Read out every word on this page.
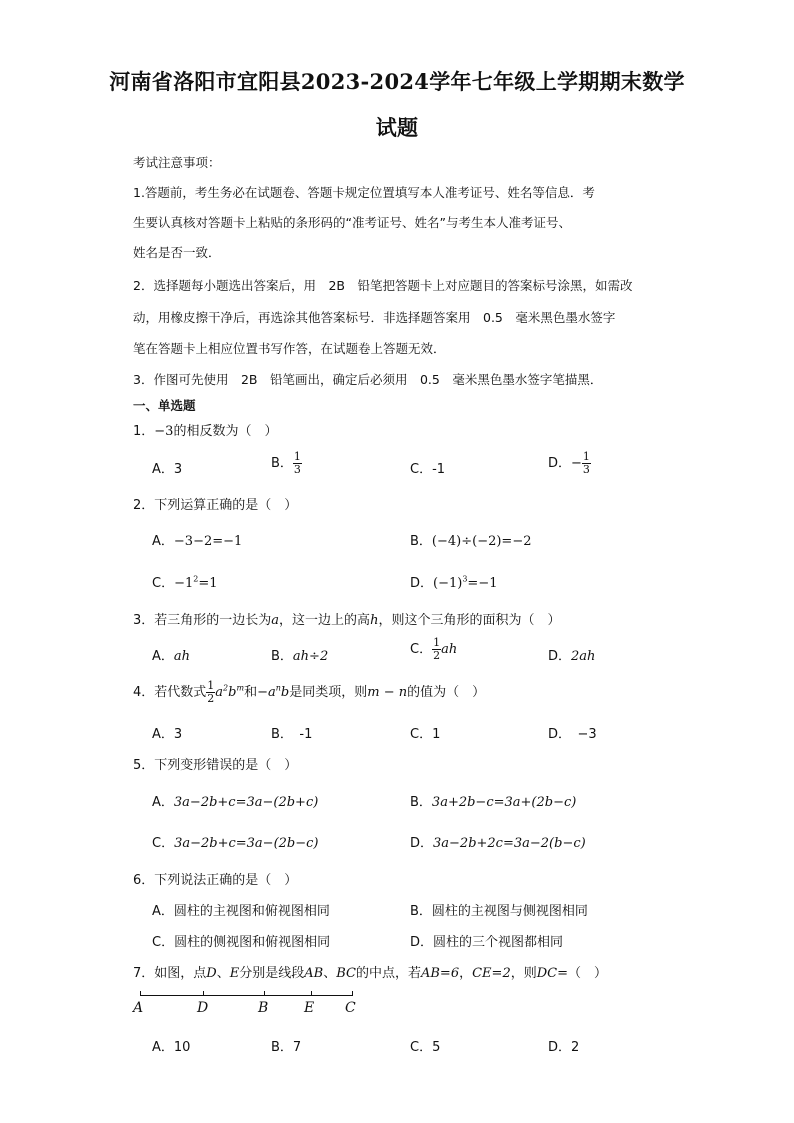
河南省洛阳市宜阳县2023-2024学年七年级上学期期末数学
试题
考试注意事项：
1.答题前，考生务必在试题卷、答题卡规定位置填写本人准考证号、姓名等信息．考
生要认真核对答题卡上粘贴的条形码的“准考证号、姓名”与考生本人准考证号、
姓名是否一致．
2．选择题每小题选出答案后，用　2B　铅笔把答题卡上对应题目的答案标号涂黑，如需改
动，用橡皮擦干净后，再选涂其他答案标号．非选择题答案用　0.5　毫米黑色墨水签字
笔在答题卡上相应位置书写作答，在试题卷上答题无效．
3．作图可先使用　2B　铅笔画出，确定后必须用　0.5　毫米黑色墨水签字笔描黑．
一、单选题
1．−3的相反数为（　）
A．3	B． $\frac{1}{3}$	C．-1	D．− $\frac{1}{3}$
2．下列运算正确的是（　）
A．−3−2=−1	B．(−4)÷(−2)=−2
C．$-1^2=1$	D．$(-1)^3=-1$
3．若三角形的一边长为a，这一边上的高h，则这个三角形的面积为（　）
A．ah	B．ah÷2	C． $\frac{1}{2}$ ah	D．2ah
4．若代数式 $\frac{1}{2} a^2b^m$和$-a^nb$是同类项，则m − n的值为（　）
A．3	B．　-1	C．1	D．　−3
5．下列变形错误的是（　）
A．3a−2b+c=3a−(2b+c)	B．3a+2b−c=3a+(2b−c)
C．3a−2b+c=3a−(2b−c)	D．3a−2b+2c=3a−2(b−c)
6．下列说法正确的是（　）
A．圆柱的主视图和俯视图相同	B．圆柱的主视图与侧视图相同
C．圆柱的侧视图和俯视图相同	D．圆柱的三个视图都相同
7．如图，点D、E分别是线段AB、BC的中点，若AB=6，CE=2，则DC=（　）
A	D	B	E C
A．10	B．7	C．5	D．2
